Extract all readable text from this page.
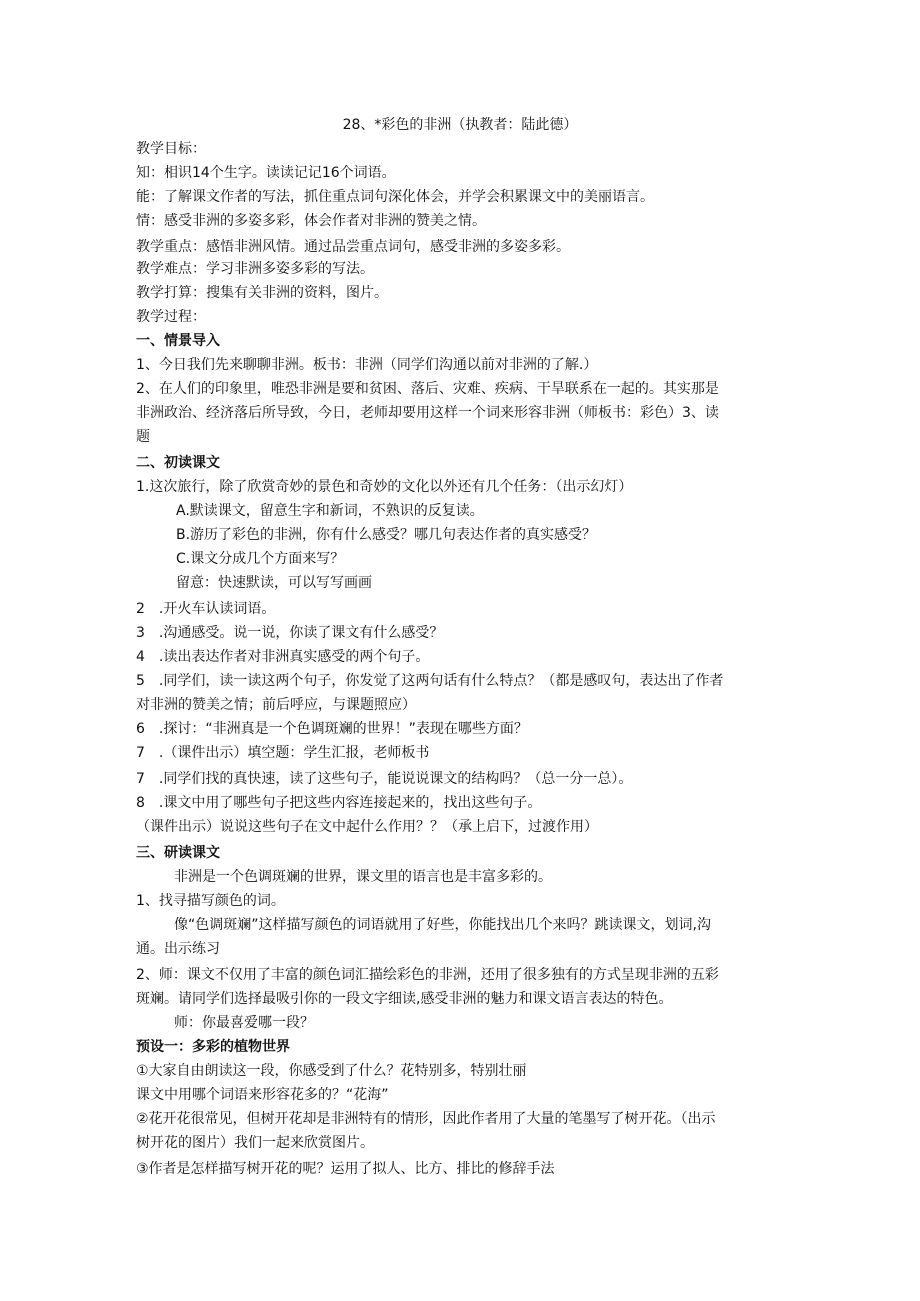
28、*彩色的非洲（执教者：陆此德）
教学目标：
知：相识14个生字。读读记记16个词语。
能：了解课文作者的写法，抓住重点词句深化体会，并学会积累课文中的美丽语言。
情：感受非洲的多姿多彩，体会作者对非洲的赞美之情。
教学重点：感悟非洲风情。通过品尝重点词句，感受非洲的多姿多彩。
教学难点：学习非洲多姿多彩的写法。
教学打算：搜集有关非洲的资料，图片。
教学过程：
一、情景导入
1、今日我们先来聊聊非洲。板书：非洲（同学们沟通以前对非洲的了解.）
2、在人们的印象里，唯恐非洲是要和贫困、落后、灾难、疾病、干旱联系在一起的。其实那是
非洲政治、经济落后所导致，今日，老师却要用这样一个词来形容非洲（师板书：彩色）3、读
题
二、初读课文
1.这次旅行，除了欣赏奇妙的景色和奇妙的文化以外还有几个任务：（出示幻灯）
A.默读课文，留意生字和新词，不熟识的反复读。
B.游历了彩色的非洲，你有什么感受？哪几句表达作者的真实感受？
C.课文分成几个方面来写？
留意：快速默读，可以写写画画
2　.开火车认读词语。
3　.沟通感受。说一说，你读了课文有什么感受？
4　.读出表达作者对非洲真实感受的两个句子。
5　.同学们，读一读这两个句子，你发觉了这两句话有什么特点？（都是感叹句，表达出了作者
对非洲的赞美之情；前后呼应，与课题照应）
6　.探讨：“非洲真是一个色调斑斓的世界！”表现在哪些方面？
7　.（课件出示）填空题：学生汇报，老师板书
7　.同学们找的真快速，读了这些句子，能说说课文的结构吗？（总一分一总）。
8　.课文中用了哪些句子把这些内容连接起来的，找出这些句子。
（课件出示）说说这些句子在文中起什么作用？？（承上启下，过渡作用）
三、研读课文
非洲是一个色调斑斓的世界，课文里的语言也是丰富多彩的。
1、找寻描写颜色的词。
像“色调斑斓”这样描写颜色的词语就用了好些，你能找出几个来吗？跳读课文，划词,沟
通。出示练习
2、师：课文不仅用了丰富的颜色词汇描绘彩色的非洲，还用了很多独有的方式呈现非洲的五彩
斑斓。请同学们选择最吸引你的一段文字细读,感受非洲的魅力和课文语言表达的特色。
师：你最喜爱哪一段？
预设一：多彩的植物世界
①大家自由朗读这一段，你感受到了什么？花特别多，特别壮丽
课文中用哪个词语来形容花多的？“花海”
②花开花很常见，但树开花却是非洲特有的情形，因此作者用了大量的笔墨写了树开花。（出示
树开花的图片）我们一起来欣赏图片。
③作者是怎样描写树开花的呢？运用了拟人、比方、排比的修辞手法
